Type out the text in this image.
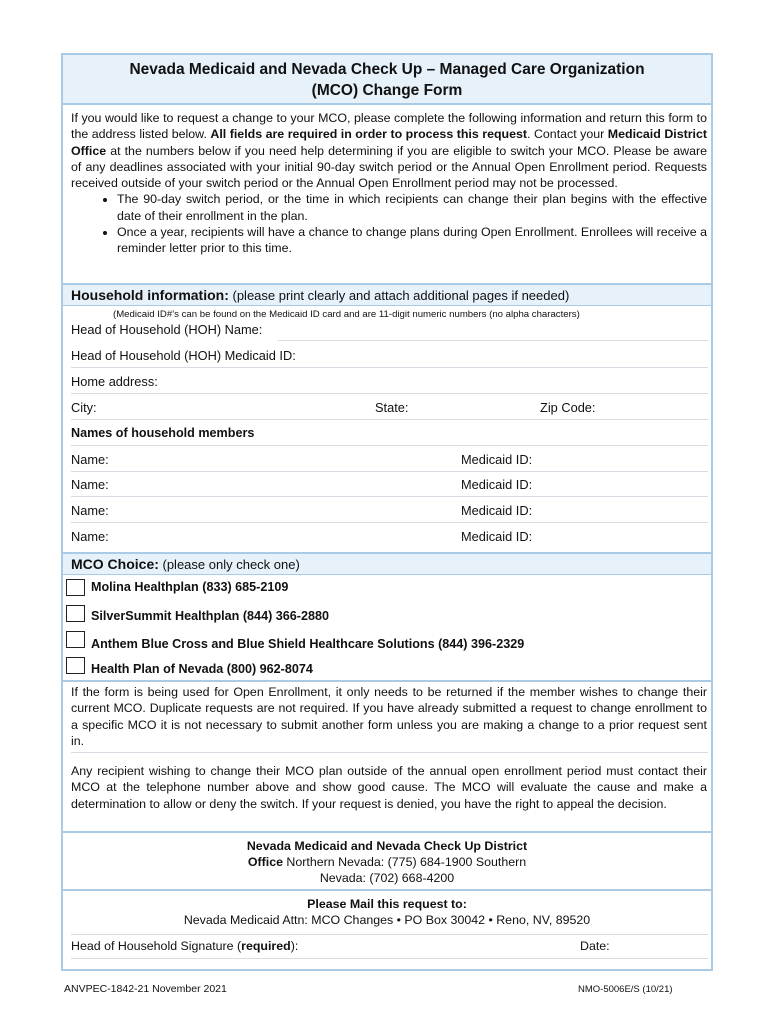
Nevada Medicaid and Nevada Check Up – Managed Care Organization
(MCO) Change Form

If you would like to request a change to your MCO, please complete the following information and return this form to the address listed below. All fields are required in order to process this request. Contact your Medicaid District Office at the numbers below if you need help determining if you are eligible to switch your MCO. Please be aware of any deadlines associated with your initial 90-day switch period or the Annual Open Enrollment period. Requests received outside of your switch period or the Annual Open Enrollment period may not be processed.

• The 90-day switch period, or the time in which recipients can change their plan begins with the effective date of their enrollment in the plan.
• Once a year, recipients will have a chance to change plans during Open Enrollment. Enrollees will receive a reminder letter prior to this time.
Household information: (please print clearly and attach additional pages if needed)
(Medicaid ID#’s can be found on the Medicaid ID card and are 11-digit numeric numbers (no alpha characters)
Head of Household (HOH) Name:
Head of Household (HOH) Medicaid ID:
Home address:
City:	State:	Zip Code:
Names of household members
Name:	Medicaid ID:
Name:	Medicaid ID:
Name:	Medicaid ID:
Name:	Medicaid ID:
MCO Choice: (please only check one)
Molina Healthplan (833) 685-2109
SilverSummit Healthplan (844) 366-2880
Anthem Blue Cross and Blue Shield Healthcare Solutions (844) 396-2329
Health Plan of Nevada (800) 962-8074

If the form is being used for Open Enrollment, it only needs to be returned if the member wishes to change their current MCO. Duplicate requests are not required. If you have already submitted a request to change enrollment to a specific MCO it is not necessary to submit another form unless you are making a change to a prior request sent in.

Any recipient wishing to change their MCO plan outside of the annual open enrollment period must contact their MCO at the telephone number above and show good cause. The MCO will evaluate the cause and make a determination to allow or deny the switch. If your request is denied, you have the right to appeal the decision.

Nevada Medicaid and Nevada Check Up District
Office Northern Nevada: (775) 684-1900 Southern
Nevada: (702) 668-4200
Please Mail this request to:
Nevada Medicaid Attn: MCO Changes • PO Box 30042 • Reno, NV, 89520
Head of Household Signature (required):	Date:
ANVPEC-1842-21 November 2021	NMO-5006E/S (10/21)
